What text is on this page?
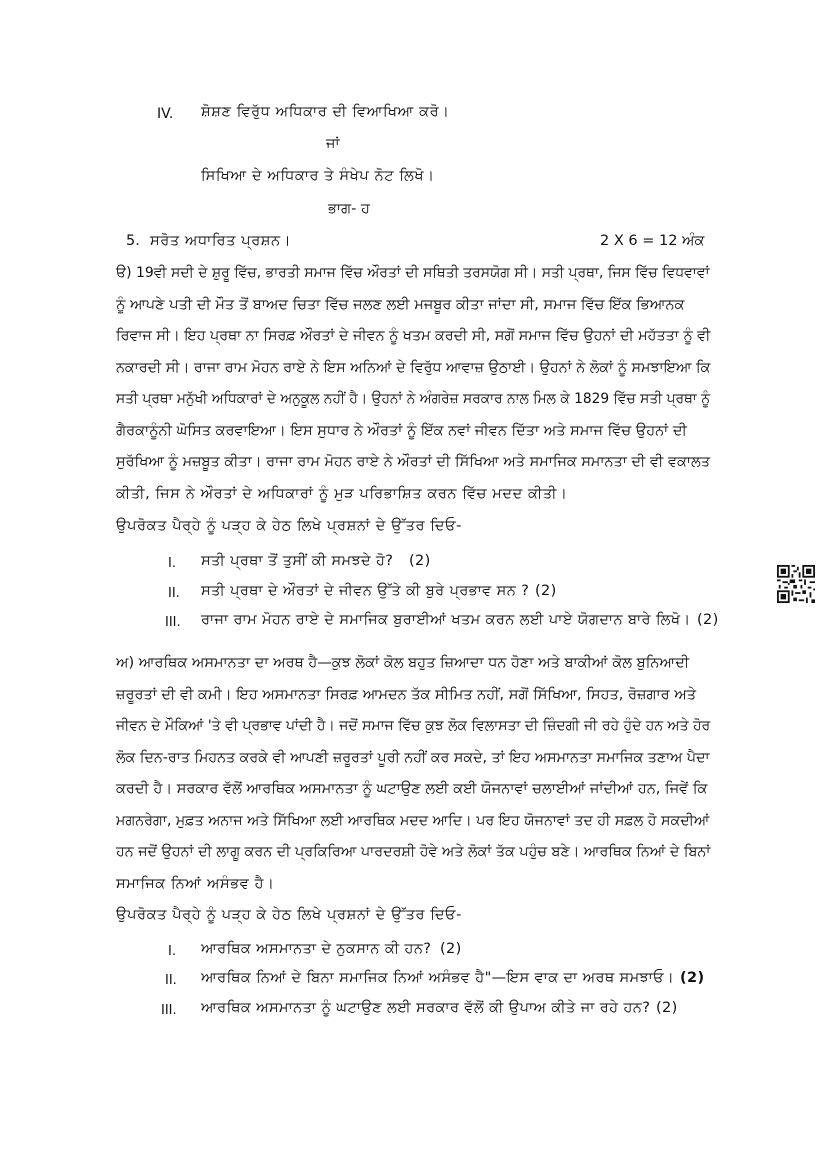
IV. ਸ਼ੋਸ਼ਣ ਵਿਰੁੱਧ ਅਧਿਕਾਰ ਦੀ ਵਿਆਖਿਆ ਕਰੋ।
ਜਾਂ
ਸਿਖਿਆ ਦੇ ਅਧਿਕਾਰ ਤੇ ਸੰਖੇਪ ਨੋਟ ਲਿਖੋ।
ਭਾਗ- ਹ
5. ਸਰੋਤ ਅਧਾਰਿਤ ਪ੍ਰਸ਼ਨ।	2 X 6 = 12 ਅੰਕ
ੳ) 19ਵੀ ਸਦੀ ਦੇ ਸ਼ੁਰੂ ਵਿੱਚ, ਭਾਰਤੀ ਸਮਾਜ ਵਿੱਚ ਔਰਤਾਂ ਦੀ ਸਥਿਤੀ ਤਰਸਯੋਗ ਸੀ। ਸਤੀ ਪ੍ਰਥਾ, ਜਿਸ ਵਿੱਚ ਵਿਧਵਾਵਾਂ
ਨੂੰ ਆਪਣੇ ਪਤੀ ਦੀ ਮੌਤ ਤੋਂ ਬਾਅਦ ਚਿਤਾ ਵਿੱਚ ਜਲਣ ਲਈ ਮਜਬੂਰ ਕੀਤਾ ਜਾਂਦਾ ਸੀ, ਸਮਾਜ ਵਿੱਚ ਇੱਕ ਭਿਆਨਕ
ਰਿਵਾਜ ਸੀ। ਇਹ ਪ੍ਰਥਾ ਨਾ ਸਿਰਫ਼ ਔਰਤਾਂ ਦੇ ਜੀਵਨ ਨੂੰ ਖਤਮ ਕਰਦੀ ਸੀ, ਸਗੋਂ ਸਮਾਜ ਵਿੱਚ ਉਹਨਾਂ ਦੀ ਮਹੱਤਤਾ ਨੂੰ ਵੀ
ਨਕਾਰਦੀ ਸੀ। ਰਾਜਾ ਰਾਮ ਮੋਹਨ ਰਾਏ ਨੇ ਇਸ ਅਨਿਆਂ ਦੇ ਵਿਰੁੱਧ ਆਵਾਜ਼ ਉਠਾਈ। ਉਹਨਾਂ ਨੇ ਲੋਕਾਂ ਨੂੰ ਸਮਝਾਇਆ ਕਿ
ਸਤੀ ਪ੍ਰਥਾ ਮਨੁੱਖੀ ਅਧਿਕਾਰਾਂ ਦੇ ਅਨੁਕੂਲ ਨਹੀਂ ਹੈ। ਉਹਨਾਂ ਨੇ ਅੰਗਰੇਜ਼ ਸਰਕਾਰ ਨਾਲ ਮਿਲ ਕੇ 1829 ਵਿੱਚ ਸਤੀ ਪ੍ਰਥਾ ਨੂੰ
ਗੈਰਕਾਨੂੰਨੀ ਘੋਸਿਤ ਕਰਵਾਇਆ। ਇਸ ਸੁਧਾਰ ਨੇ ਔਰਤਾਂ ਨੂੰ ਇੱਕ ਨਵਾਂ ਜੀਵਨ ਦਿੱਤਾ ਅਤੇ ਸਮਾਜ ਵਿੱਚ ਉਹਨਾਂ ਦੀ
ਸੁਰੱਖਿਆ ਨੂੰ ਮਜ਼ਬੂਤ ਕੀਤਾ। ਰਾਜਾ ਰਾਮ ਮੋਹਨ ਰਾਏ ਨੇ ਔਰਤਾਂ ਦੀ ਸਿੱਖਿਆ ਅਤੇ ਸਮਾਜਿਕ ਸਮਾਨਤਾ ਦੀ ਵੀ ਵਕਾਲਤ
ਕੀਤੀ, ਜਿਸ ਨੇ ਔਰਤਾਂ ਦੇ ਅਧਿਕਾਰਾਂ ਨੂੰ ਮੁੜ ਪਰਿਭਾਸ਼ਿਤ ਕਰਨ ਵਿੱਚ ਮਦਦ ਕੀਤੀ।
ਉਪਰੋਕਤ ਪੈਰ੍ਹੇ ਨੂੰ ਪੜ੍ਹ ਕੇ ਹੇਠ ਲਿਖੇ ਪ੍ਰਸ਼ਨਾਂ ਦੇ ਉੱਤਰ ਦਿਓ-
I. ਸਤੀ ਪ੍ਰਥਾ ਤੋਂ ਤੁਸੀਂ ਕੀ ਸਮਝਦੇ ਹੋ? (2)
II. ਸਤੀ ਪ੍ਰਥਾ ਦੇ ਔਰਤਾਂ ਦੇ ਜੀਵਨ ਉੱਤੇ ਕੀ ਬੁਰੇ ਪ੍ਰਭਾਵ ਸਨ ? (2)
III. ਰਾਜਾ ਰਾਮ ਮੋਹਨ ਰਾਏ ਦੇ ਸਮਾਜਿਕ ਬੁਰਾਈਆਂ ਖਤਮ ਕਰਨ ਲਈ ਪਾਏ ਯੋਗਦਾਨ ਬਾਰੇ ਲਿਖੋ। (2)
ਅ) ਆਰਥਿਕ ਅਸਮਾਨਤਾ ਦਾ ਅਰਥ ਹੈ—ਕੁਝ ਲੋਕਾਂ ਕੋਲ ਬਹੁਤ ਜ਼ਿਆਦਾ ਧਨ ਹੋਣਾ ਅਤੇ ਬਾਕੀਆਂ ਕੋਲ ਬੁਨਿਆਦੀ
ਜ਼ਰੂਰਤਾਂ ਦੀ ਵੀ ਕਮੀ। ਇਹ ਅਸਮਾਨਤਾ ਸਿਰਫ਼ ਆਮਦਨ ਤੱਕ ਸੀਮਿਤ ਨਹੀਂ, ਸਗੋਂ ਸਿੱਖਿਆ, ਸਿਹਤ, ਰੋਜ਼ਗਾਰ ਅਤੇ
ਜੀਵਨ ਦੇ ਮੌਕਿਆਂ 'ਤੇ ਵੀ ਪ੍ਰਭਾਵ ਪਾਂਦੀ ਹੈ। ਜਦੋਂ ਸਮਾਜ ਵਿੱਚ ਕੁਝ ਲੋਕ ਵਿਲਾਸਤਾ ਦੀ ਜ਼ਿੰਦਗੀ ਜੀ ਰਹੇ ਹੁੰਦੇ ਹਨ ਅਤੇ ਹੋਰ
ਲੋਕ ਦਿਨ-ਰਾਤ ਮਿਹਨਤ ਕਰਕੇ ਵੀ ਆਪਣੀ ਜ਼ਰੂਰਤਾਂ ਪੂਰੀ ਨਹੀਂ ਕਰ ਸਕਦੇ, ਤਾਂ ਇਹ ਅਸਮਾਨਤਾ ਸਮਾਜਿਕ ਤਣਾਅ ਪੈਦਾ
ਕਰਦੀ ਹੈ। ਸਰਕਾਰ ਵੱਲੋਂ ਆਰਥਿਕ ਅਸਮਾਨਤਾ ਨੂੰ ਘਟਾਉਣ ਲਈ ਕਈ ਯੋਜਨਾਵਾਂ ਚਲਾਈਆਂ ਜਾਂਦੀਆਂ ਹਨ, ਜਿਵੇਂ ਕਿ
ਮਗਨਰੇਗਾ, ਮੁਫ਼ਤ ਅਨਾਜ ਅਤੇ ਸਿੱਖਿਆ ਲਈ ਆਰਥਿਕ ਮਦਦ ਆਦਿ। ਪਰ ਇਹ ਯੋਜਨਾਵਾਂ ਤਦ ਹੀ ਸਫ਼ਲ ਹੋ ਸਕਦੀਆਂ
ਹਨ ਜਦੋਂ ਉਹਨਾਂ ਦੀ ਲਾਗੂ ਕਰਨ ਦੀ ਪ੍ਰਕਿਰਿਆ ਪਾਰਦਰਸ਼ੀ ਹੋਵੇ ਅਤੇ ਲੋਕਾਂ ਤੱਕ ਪਹੁੰਚ ਬਣੇ। ਆਰਥਿਕ ਨਿਆਂ ਦੇ ਬਿਨਾਂ
ਸਮਾਜਿਕ ਨਿਆਂ ਅਸੰਭਵ ਹੈ।
ਉਪਰੋਕਤ ਪੈਰ੍ਹੇ ਨੂੰ ਪੜ੍ਹ ਕੇ ਹੇਠ ਲਿਖੇ ਪ੍ਰਸ਼ਨਾਂ ਦੇ ਉੱਤਰ ਦਿਓ-
I. ਆਰਥਿਕ ਅਸਮਾਨਤਾ ਦੇ ਨੁਕਸਾਨ ਕੀ ਹਨ? (2)
II. ਆਰਥਿਕ ਨਿਆਂ ਦੇ ਬਿਨਾ ਸਮਾਜਿਕ ਨਿਆਂ ਅਸੰਭਵ ਹੈ"—ਇਸ ਵਾਕ ਦਾ ਅਰਥ ਸਮਝਾਓ। (2)
III. ਆਰਥਿਕ ਅਸਮਾਨਤਾ ਨੂੰ ਘਟਾਉਣ ਲਈ ਸਰਕਾਰ ਵੱਲੋਂ ਕੀ ਉਪਾਅ ਕੀਤੇ ਜਾ ਰਹੇ ਹਨ? (2)
